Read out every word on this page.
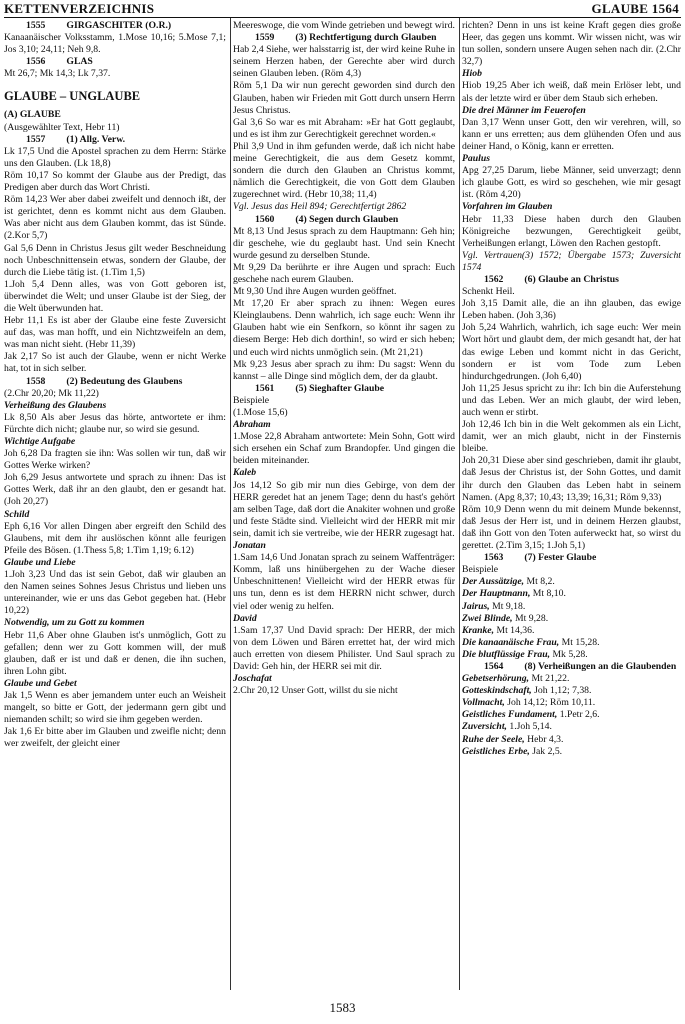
KETTENVERZEICHNIS	GLAUBE 1564

1555 GIRGASCHITER (O.R.)

Kanaanäischer Volksstamm, 1.Mose 10,16; 5.Mose 7,1; Jos 3,10; 24,11; Neh 9,8.

1556 GLAS

Mt 26,7; Mk 14,3; Lk 7,37.

GLAUBE – UNGLAUBE

(A) GLAUBE

(Ausgewählter Text, Hebr 11)

1557 (1) Allg. Verw.

Lk 17,5 Und die Apostel sprachen zu dem Herrn: Stärke uns den Glauben. (Lk 18,8)

Röm 10,17 So kommt der Glaube aus der Predigt, das Predigen aber durch das Wort Christi.

Röm 14,23 Wer aber dabei zweifelt und dennoch ißt, der ist gerichtet, denn es kommt nicht aus dem Glauben. Was aber nicht aus dem Glauben kommt, das ist Sünde. (2.Kor 5,7)

Gal 5,6 Denn in Christus Jesus gilt weder Beschneidung noch Unbeschnittensein etwas, sondern der Glaube, der durch die Liebe tätig ist. (1.Tim 1,5)

1.Joh 5,4 Denn alles, was von Gott geboren ist, überwindet die Welt; und unser Glaube ist der Sieg, der die Welt überwunden hat.

Hebr 11,1 Es ist aber der Glaube eine feste Zuversicht auf das, was man hofft, und ein Nichtzweifeln an dem, was man nicht sieht. (Hebr 11,39)

Jak 2,17 So ist auch der Glaube, wenn er nicht Werke hat, tot in sich selber.

1558 (2) Bedeutung des Glaubens

(2.Chr 20,20; Mk 11,22)

Verheißung des Glaubens

Lk 8,50 Als aber Jesus das hörte, antwortete er ihm: Fürchte dich nicht; glaube nur, so wird sie gesund.

Wichtige Aufgabe

Joh 6,28 Da fragten sie ihn: Was sollen wir tun, daß wir Gottes Werke wirken?

Joh 6,29 Jesus antwortete und sprach zu ihnen: Das ist Gottes Werk, daß ihr an den glaubt, den er gesandt hat. (Joh 20,27)

Schild

Eph 6,16 Vor allen Dingen aber ergreift den Schild des Glaubens, mit dem ihr auslöschen könnt alle feurigen Pfeile des Bösen. (1.Thess 5,8; 1.Tim 1,19; 6.12)

Glaube und Liebe

1.Joh 3,23 Und das ist sein Gebot, daß wir glauben an den Namen seines Sohnes Jesus Christus und lieben uns untereinander, wie er uns das Gebot gegeben hat. (Hebr 10,22)

Notwendig, um zu Gott zu kommen

Hebr 11,6 Aber ohne Glauben ist's unmöglich, Gott zu gefallen; denn wer zu Gott kommen will, der muß glauben, daß er ist und daß er denen, die ihn suchen, ihren Lohn gibt.

Glaube und Gebet

Jak 1,5 Wenn es aber jemandem unter euch an Weisheit mangelt, so bitte er Gott, der jedermann gern gibt und niemanden schilt; so wird sie ihm gegeben werden.

Jak 1,6 Er bitte aber im Glauben und zweifle nicht; denn wer zweifelt, der gleicht einer

Meereswoge, die vom Winde getrieben und bewegt wird.

1559 (3) Rechtfertigung durch Glauben

Hab 2,4 Siehe, wer halsstarrig ist, der wird keine Ruhe in seinem Herzen haben, der Gerechte aber wird durch seinen Glauben leben. (Röm 4,3)

Röm 5,1 Da wir nun gerecht geworden sind durch den Glauben, haben wir Frieden mit Gott durch unsern Herrn Jesus Christus.

Gal 3,6 So war es mit Abraham: »Er hat Gott geglaubt, und es ist ihm zur Gerechtigkeit gerechnet worden.«

Phil 3,9 Und in ihm gefunden werde, daß ich nicht habe meine Gerechtigkeit, die aus dem Gesetz kommt, sondern die durch den Glauben an Christus kommt, nämlich die Gerechtigkeit, die von Gott dem Glauben zugerechnet wird. (Hebr 10,38; 11,4)

Vgl. Jesus das Heil 894; Gerechtfertigt 2862

1560 (4) Segen durch Glauben

Mt 8,13 Und Jesus sprach zu dem Hauptmann: Geh hin; dir geschehe, wie du geglaubt hast. Und sein Knecht wurde gesund zu derselben Stunde.

Mt 9,29 Da berührte er ihre Augen und sprach: Euch geschehe nach eurem Glauben.

Mt 9,30 Und ihre Augen wurden geöffnet.

Mt 17,20 Er aber sprach zu ihnen: Wegen eures Kleinglaubens. Denn wahrlich, ich sage euch: Wenn ihr Glauben habt wie ein Senfkorn, so könnt ihr sagen zu diesem Berge: Heb dich dorthin!, so wird er sich heben; und euch wird nichts unmöglich sein. (Mt 21,21)

Mk 9,23 Jesus aber sprach zu ihm: Du sagst: Wenn du kannst – alle Dinge sind möglich dem, der da glaubt.

1561 (5) Sieghafter Glaube

Beispiele

(1.Mose 15,6)

Abraham

1.Mose 22,8 Abraham antwortete: Mein Sohn, Gott wird sich ersehen ein Schaf zum Brandopfer. Und gingen die beiden miteinander.

Kaleb

Jos 14,12 So gib mir nun dies Gebirge, von dem der HERR geredet hat an jenem Tage; denn du hast's gehört am selben Tage, daß dort die Anakiter wohnen und große und feste Städte sind. Vielleicht wird der HERR mit mir sein, damit ich sie vertreibe, wie der HERR zugesagt hat.

Jonatan

1.Sam 14,6 Und Jonatan sprach zu seinem Waffenträger: Komm, laß uns hinübergehen zu der Wache dieser Unbeschnittenen! Vielleicht wird der HERR etwas für uns tun, denn es ist dem HERRN nicht schwer, durch viel oder wenig zu helfen.

David

1.Sam 17,37 Und David sprach: Der HERR, der mich von dem Löwen und Bären errettet hat, der wird mich auch erretten von diesem Philister. Und Saul sprach zu David: Geh hin, der HERR sei mit dir.

Joschafat

2.Chr 20,12 Unser Gott, willst du sie nicht

richten? Denn in uns ist keine Kraft gegen dies große Heer, das gegen uns kommt. Wir wissen nicht, was wir tun sollen, sondern unsere Augen sehen nach dir. (2.Chr 32,7)

Hiob

Hiob 19,25 Aber ich weiß, daß mein Erlöser lebt, und als der letzte wird er über dem Staub sich erheben.

Die drei Männer im Feuerofen

Dan 3,17 Wenn unser Gott, den wir verehren, will, so kann er uns erretten; aus dem glühenden Ofen und aus deiner Hand, o König, kann er erretten.

Paulus

Apg 27,25 Darum, liebe Männer, seid unverzagt; denn ich glaube Gott, es wird so geschehen, wie mir gesagt ist. (Röm 4,20)

Vorfahren im Glauben

Hebr 11,33 Diese haben durch den Glauben Königreiche bezwungen, Gerechtigkeit geübt, Verheißungen erlangt, Löwen den Rachen gestopft.

Vgl. Vertrauen(3) 1572; Übergabe 1573; Zuversicht 1574

1562 (6) Glaube an Christus

Schenkt Heil.

Joh 3,15 Damit alle, die an ihn glauben, das ewige Leben haben. (Joh 3,36)

Joh 5,24 Wahrlich, wahrlich, ich sage euch: Wer mein Wort hört und glaubt dem, der mich gesandt hat, der hat das ewige Leben und kommt nicht in das Gericht, sondern er ist vom Tode zum Leben hindurchgedrungen. (Joh 6,40)

Joh 11,25 Jesus spricht zu ihr: Ich bin die Auferstehung und das Leben. Wer an mich glaubt, der wird leben, auch wenn er stirbt.

Joh 12,46 Ich bin in die Welt gekommen als ein Licht, damit, wer an mich glaubt, nicht in der Finsternis bleibe.

Joh 20,31 Diese aber sind geschrieben, damit ihr glaubt, daß Jesus der Christus ist, der Sohn Gottes, und damit ihr durch den Glauben das Leben habt in seinem Namen. (Apg 8,37; 10,43; 13,39; 16,31; Röm 9,33)

Röm 10,9 Denn wenn du mit deinem Munde bekennst, daß Jesus der Herr ist, und in deinem Herzen glaubst, daß ihn Gott von den Toten auferweckt hat, so wirst du gerettet. (2.Tim 3,15; 1.Joh 5,1)

1563 (7) Fester Glaube

Beispiele

Der Aussätzige, Mt 8,2.

Der Hauptmann, Mt 8,10.

Jairus, Mt 9,18.

Zwei Blinde, Mt 9,28.

Kranke, Mt 14,36.

Die kanaanäische Frau, Mt 15,28.

Die blutflüssige Frau, Mk 5,28.

1564 (8) Verheißungen an die Glaubenden

Gebetserhörung, Mt 21,22.

Gotteskindschaft, Joh 1,12; 7,38.

Vollmacht, Joh 14,12; Röm 10,11.

Geistliches Fundament, 1.Petr 2,6.

Zuversicht, 1.Joh 5,14.

Ruhe der Seele, Hebr 4,3.

Geistliches Erbe, Jak 2,5.

1583
